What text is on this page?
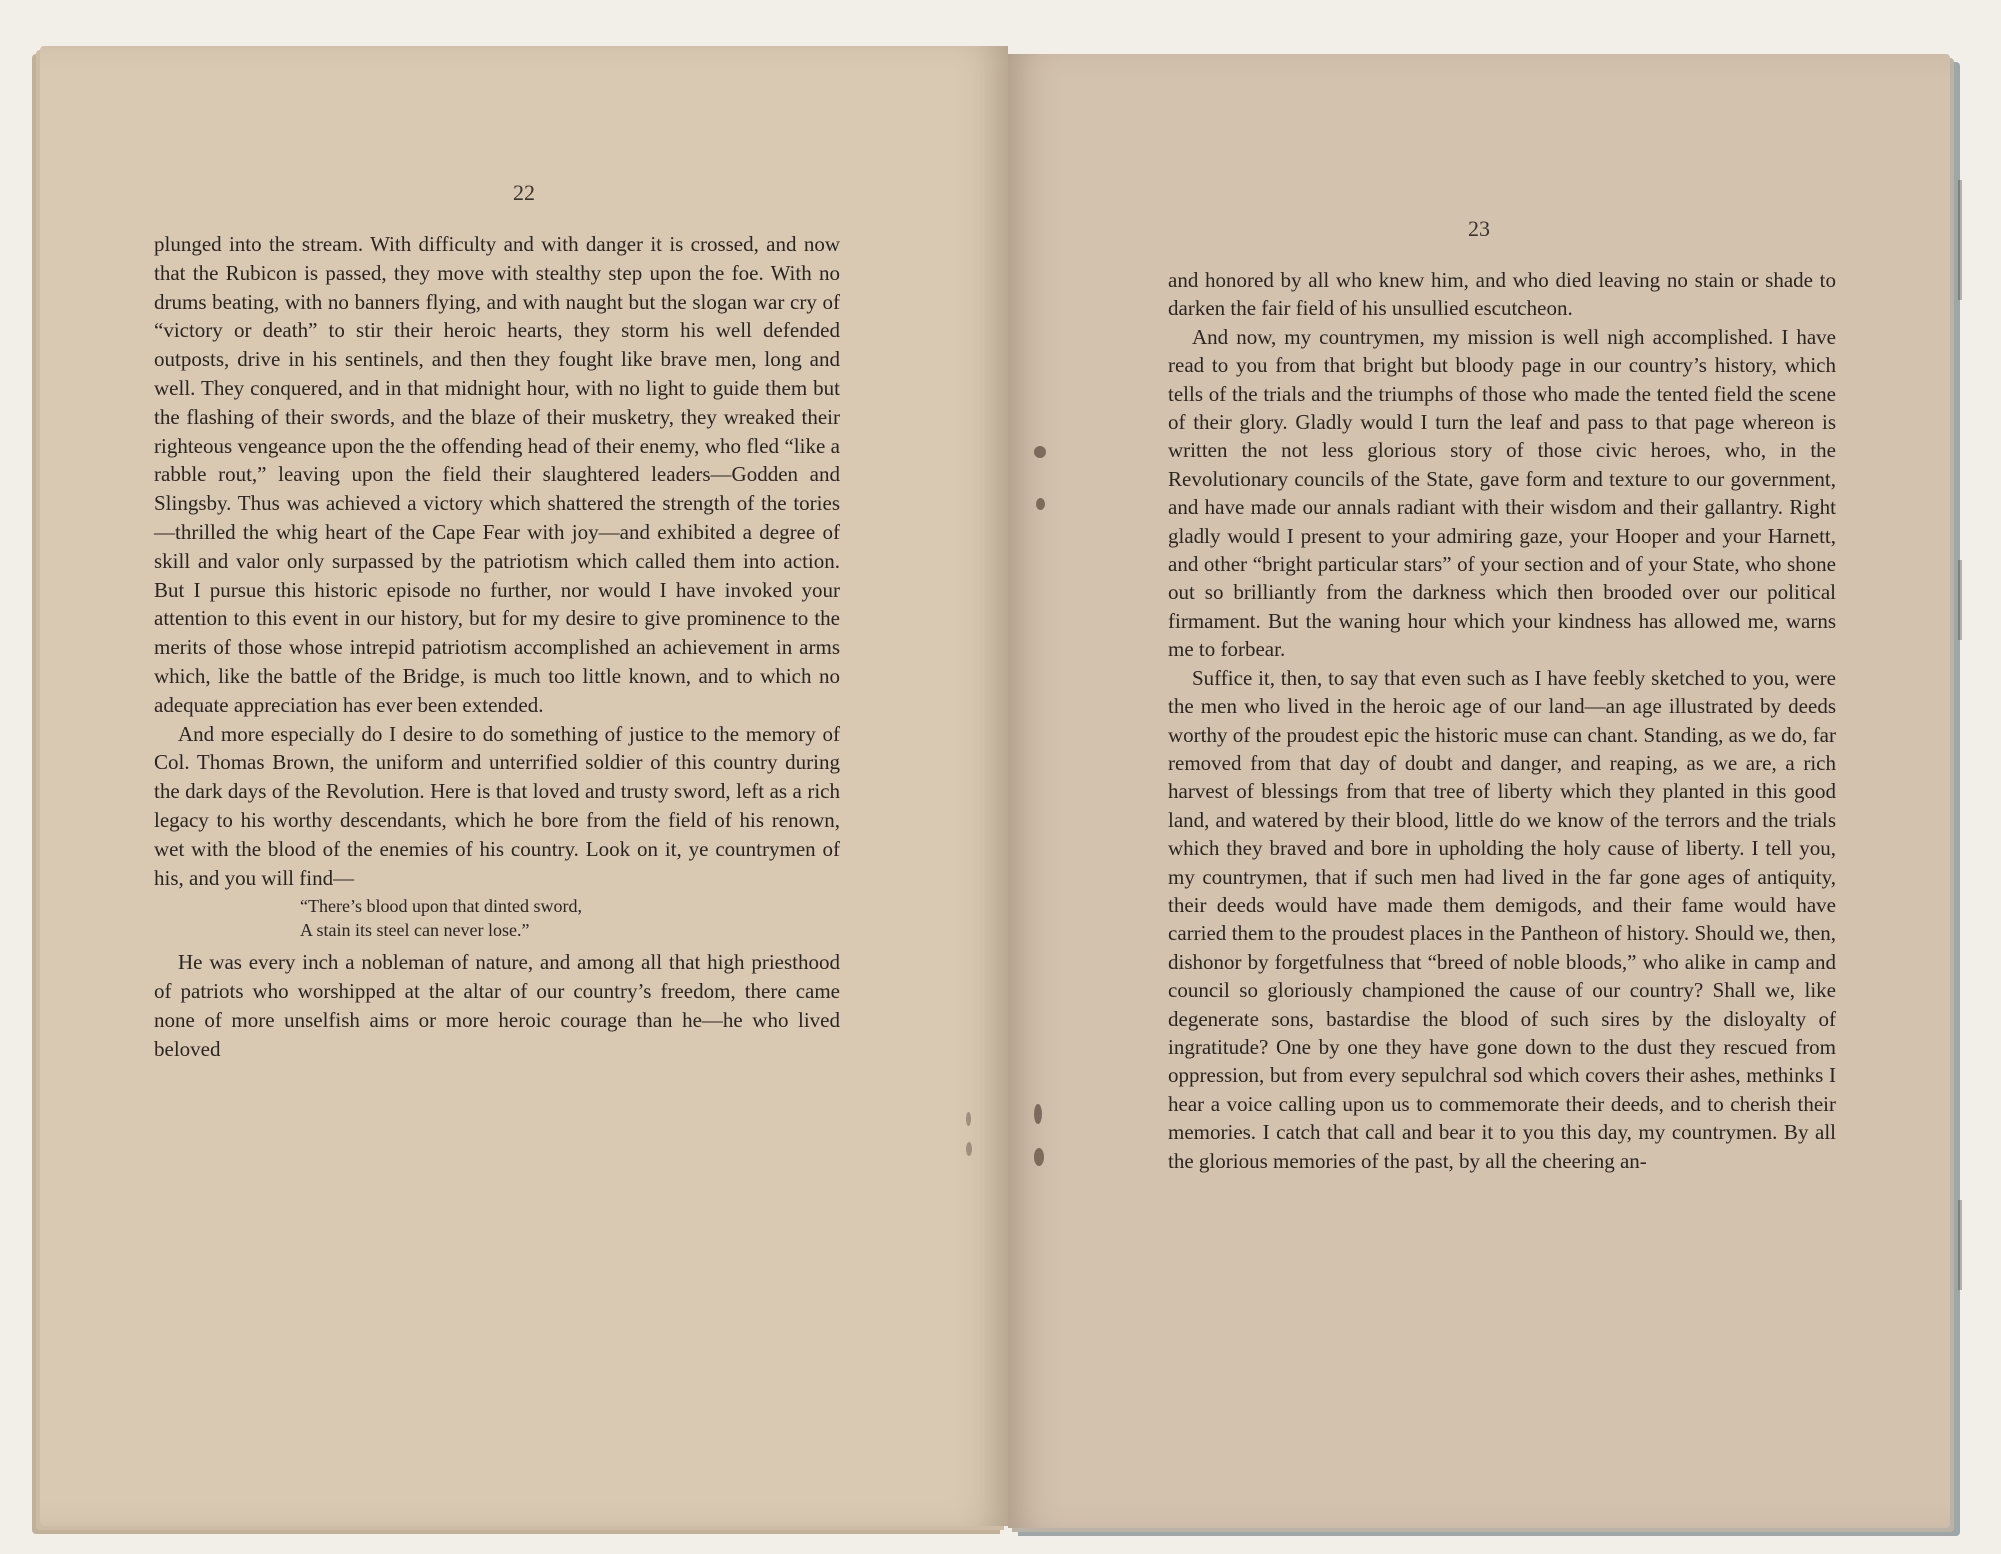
22

plunged into the stream. With difficulty and with danger it is crossed, and now that the Rubicon is passed, they move with stealthy step upon the foe. With no drums beating, with no banners flying, and with naught but the slogan war cry of “victory or death” to stir their heroic hearts, they storm his well defended outposts, drive in his sentinels, and then they fought like brave men, long and well. They conquered, and in that midnight hour, with no light to guide them but the flashing of their swords, and the blaze of their musketry, they wreaked their righteous vengeance upon the the offending head of their enemy, who fled “like a rabble rout,” leaving upon the field their slaughtered leaders—Godden and Slingsby. Thus was achieved a victory which shattered the strength of the tories—thrilled the whig heart of the Cape Fear with joy—and exhibited a degree of skill and valor only surpassed by the patriotism which called them into action. But I pursue this historic episode no further, nor would I have invoked your attention to this event in our history, but for my desire to give prominence to the merits of those whose intrepid patriotism accomplished an achievement in arms which, like the battle of the Bridge, is much too little known, and to which no adequate appreciation has ever been extended.

And more especially do I desire to do something of justice to the memory of Col. Thomas Brown, the uniform and unterrified soldier of this country during the dark days of the Revolution. Here is that loved and trusty sword, left as a rich legacy to his worthy descendants, which he bore from the field of his renown, wet with the blood of the enemies of his country. Look on it, ye countrymen of his, and you will find—

“There’s blood upon that dinted sword,
A stain its steel can never lose.”

He was every inch a nobleman of nature, and among all that high priesthood of patriots who worshipped at the altar of our country’s freedom, there came none of more unselfish aims or more heroic courage than he—he who lived beloved

23

and honored by all who knew him, and who died leaving no stain or shade to darken the fair field of his unsullied escutcheon.

And now, my countrymen, my mission is well nigh accomplished. I have read to you from that bright but bloody page in our country’s history, which tells of the trials and the triumphs of those who made the tented field the scene of their glory. Gladly would I turn the leaf and pass to that page whereon is written the not less glorious story of those civic heroes, who, in the Revolutionary councils of the State, gave form and texture to our government, and have made our annals radiant with their wisdom and their gallantry. Right gladly would I present to your admiring gaze, your Hooper and your Harnett, and other “bright particular stars” of your section and of your State, who shone out so brilliantly from the darkness which then brooded over our political firmament. But the waning hour which your kindness has allowed me, warns me to forbear.

Suffice it, then, to say that even such as I have feebly sketched to you, were the men who lived in the heroic age of our land—an age illustrated by deeds worthy of the proudest epic the historic muse can chant. Standing, as we do, far removed from that day of doubt and danger, and reaping, as we are, a rich harvest of blessings from that tree of liberty which they planted in this good land, and watered by their blood, little do we know of the terrors and the trials which they braved and bore in upholding the holy cause of liberty. I tell you, my countrymen, that if such men had lived in the far gone ages of antiquity, their deeds would have made them demigods, and their fame would have carried them to the proudest places in the Pantheon of history. Should we, then, dishonor by forgetfulness that “breed of noble bloods,” who alike in camp and council so gloriously championed the cause of our country? Shall we, like degenerate sons, bastardise the blood of such sires by the disloyalty of ingratitude? One by one they have gone down to the dust they rescued from oppression, but from every sepulchral sod which covers their ashes, methinks I hear a voice calling upon us to commemorate their deeds, and to cherish their memories. I catch that call and bear it to you this day, my countrymen. By all the glorious memories of the past, by all the cheering an-
